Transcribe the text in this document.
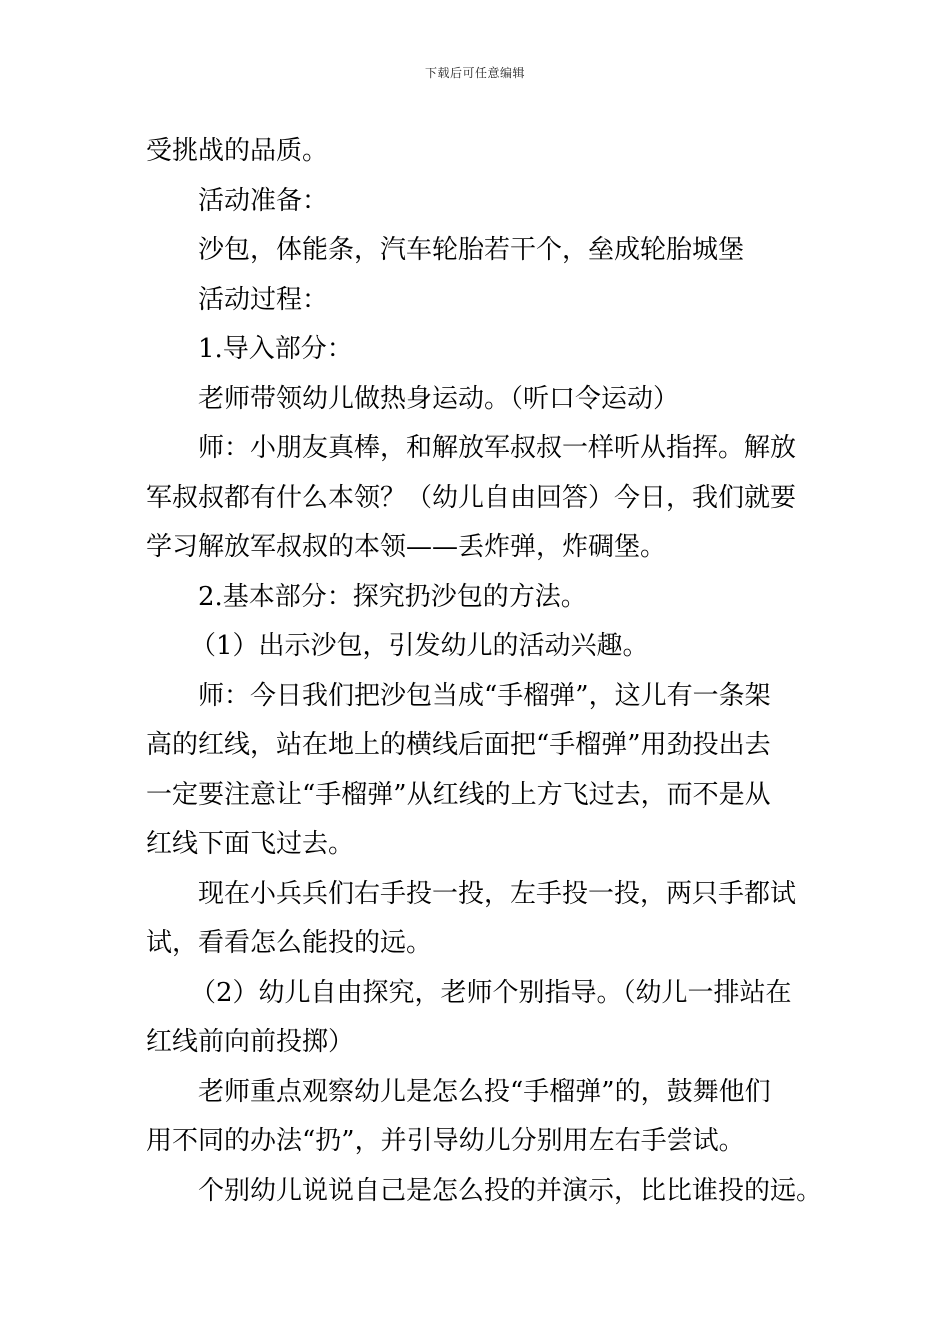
下载后可任意编辑
受挑战的品质。
活动准备：
沙包，体能条，汽车轮胎若干个，垒成轮胎城堡
活动过程：
1.导入部分：
老师带领幼儿做热身运动。（听口令运动）
师：小朋友真棒，和解放军叔叔一样听从指挥。解放
军叔叔都有什么本领？（幼儿自由回答）今日，我们就要
学习解放军叔叔的本领——丢炸弹，炸碉堡。
2.基本部分：探究扔沙包的方法。
（1）出示沙包，引发幼儿的活动兴趣。
师：今日我们把沙包当成“手榴弹”，这儿有一条架
高的红线，站在地上的横线后面把“手榴弹”用劲投出去
一定要注意让“手榴弹”从红线的上方飞过去，而不是从
红线下面飞过去。
现在小兵兵们右手投一投，左手投一投，两只手都试
试，看看怎么能投的远。
（2）幼儿自由探究，老师个别指导。（幼儿一排站在
红线前向前投掷）
老师重点观察幼儿是怎么投“手榴弹”的，鼓舞他们
用不同的办法“扔”，并引导幼儿分别用左右手尝试。
个别幼儿说说自己是怎么投的并演示，比比谁投的远。
